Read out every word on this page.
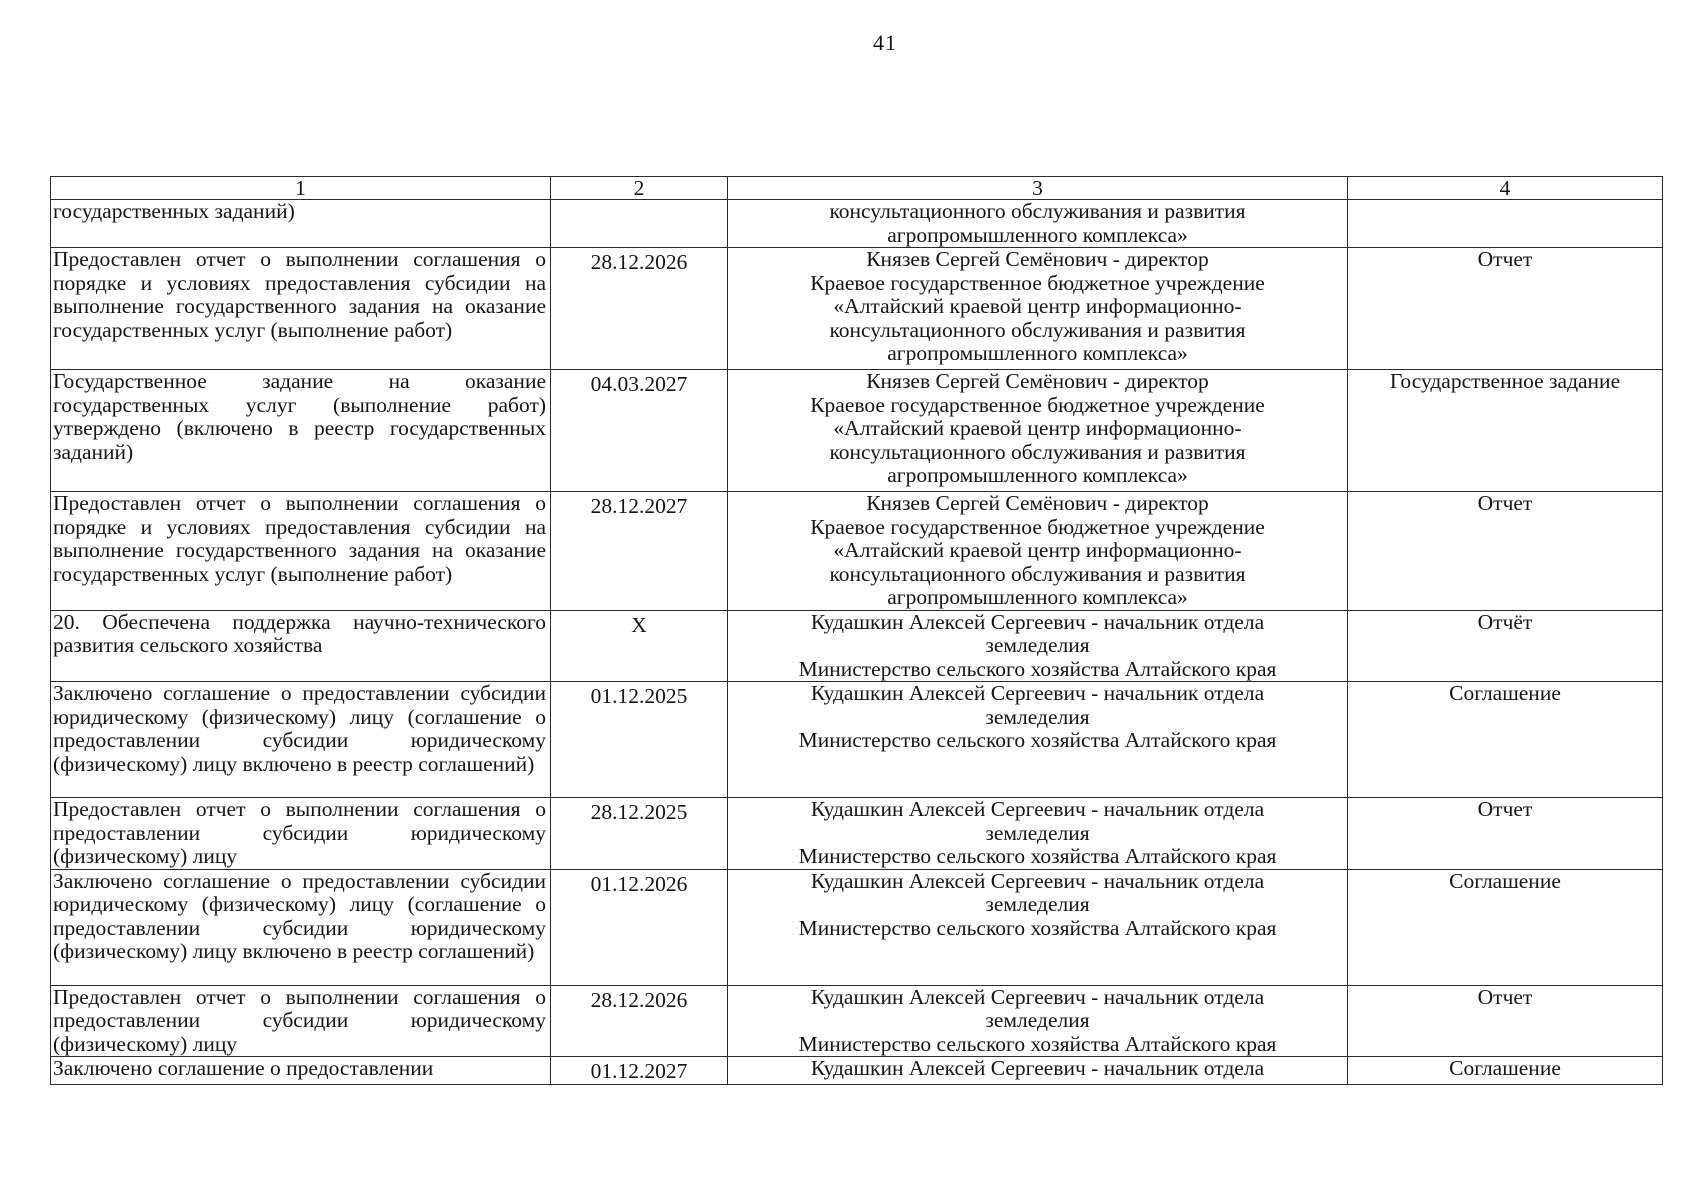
41
1	2	3	4
государственных заданий)		консультационного обслуживания и развития
агропромышленного комплекса»	

Предоставлен отчет о выполнении соглашения о порядке и условиях предоставления субсидии на выполнение государственного задания на оказание государственных услуг (выполнение работ)	28.12.2026	Князев Сергей Семёнович - директор
Краевое государственное бюджетное учреждение
«Алтайский краевой центр информационно-
консультационного обслуживания и развития
агропромышленного комплекса»	Отчет
Государственное задание на оказание государственных услуг (выполнение работ) утверждено (включено в реестр государственных заданий)	04.03.2027	Князев Сергей Семёнович - директор
Краевое государственное бюджетное учреждение
«Алтайский краевой центр информационно-
консультационного обслуживания и развития
агропромышленного комплекса»	Государственное задание
Предоставлен отчет о выполнении соглашения о порядке и условиях предоставления субсидии на выполнение государственного задания на оказание государственных услуг (выполнение работ)	28.12.2027	Князев Сергей Семёнович - директор
Краевое государственное бюджетное учреждение
«Алтайский краевой центр информационно-
консультационного обслуживания и развития
агропромышленного комплекса»	Отчет
20. Обеспечена поддержка научно-технического развития сельского хозяйства	X	Кудашкин Алексей Сергеевич - начальник отдела
земледелия
Министерство сельского хозяйства Алтайского края	Отчёт
Заключено соглашение о предоставлении субсидии юридическому (физическому) лицу (соглашение о предоставлении субсидии юридическому (физическому) лицу включено в реестр соглашений)	01.12.2025	Кудашкин Алексей Сергеевич - начальник отдела
земледелия
Министерство сельского хозяйства Алтайского края	Соглашение
Предоставлен отчет о выполнении соглашения о предоставлении субсидии юридическому (физическому) лицу	28.12.2025	Кудашкин Алексей Сергеевич - начальник отдела
земледелия
Министерство сельского хозяйства Алтайского края	Отчет
Заключено соглашение о предоставлении субсидии юридическому (физическому) лицу (соглашение о предоставлении субсидии юридическому (физическому) лицу включено в реестр соглашений)	01.12.2026	Кудашкин Алексей Сергеевич - начальник отдела
земледелия
Министерство сельского хозяйства Алтайского края	Соглашение
Предоставлен отчет о выполнении соглашения о предоставлении субсидии юридическому (физическому) лицу	28.12.2026	Кудашкин Алексей Сергеевич - начальник отдела
земледелия
Министерство сельского хозяйства Алтайского края	Отчет
Заключено соглашение о предоставлении	01.12.2027	Кудашкин Алексей Сергеевич - начальник отдела	Соглашение
